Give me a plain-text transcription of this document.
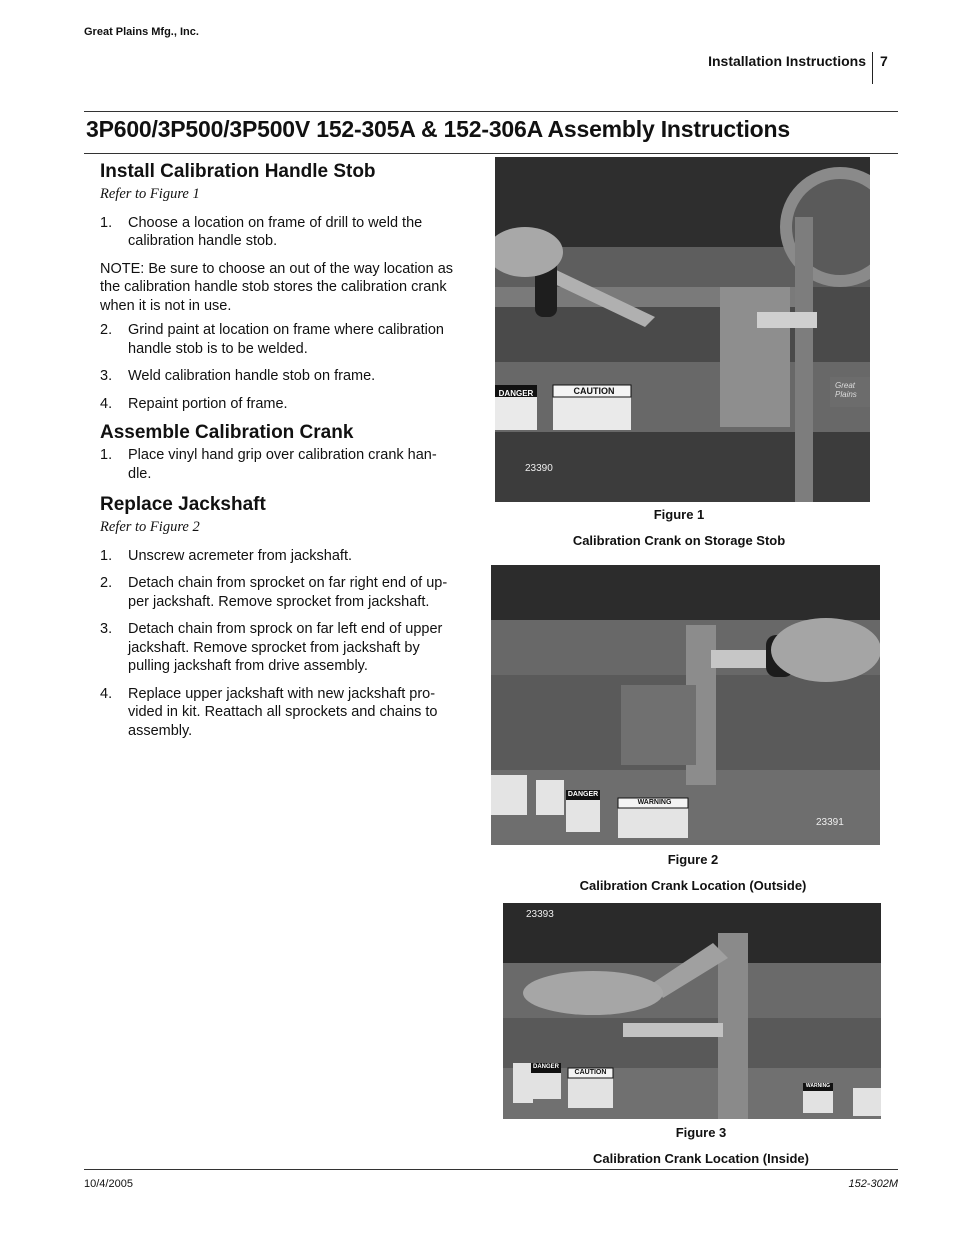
Great Plains Mfg., Inc.
Installation Instructions 7
3P600/3P500/3P500V 152-305A & 152-306A Assembly Instructions
Install Calibration Handle Stob
Refer to Figure 1
1. Choose a location on frame of drill to weld the calibration handle stob.

NOTE: Be sure to choose an out of the way location as the calibration handle stob stores the calibration crank when it is not in use.

2. Grind paint at location on frame where calibration handle stob is to be welded.
3. Weld calibration handle stob on frame.
4. Repaint portion of frame.
Assemble Calibration Crank
1. Place vinyl hand grip over calibration crank han-dle.
Replace Jackshaft
Refer to Figure 2
1. Unscrew acremeter from jackshaft.
2. Detach chain from sprocket on far right end of up-per jackshaft. Remove sprocket from jackshaft.
3. Detach chain from sprock on far left end of upper jackshaft. Remove sprocket from jackshaft by pulling jackshaft from drive assembly.
4. Replace upper jackshaft with new jackshaft pro-vided in kit. Reattach all sprockets and chains to assembly.
DANGER	CAUTION
Great Plains
23390
Figure 1
Calibration Crank on Storage Stob
DANGER
WARNING
23391
Figure 2
Calibration Crank Location (Outside)
DANGER
CAUTION
WARNING
23393
Figure 3
Calibration Crank Location (Inside)
10/4/2005	152-302M
